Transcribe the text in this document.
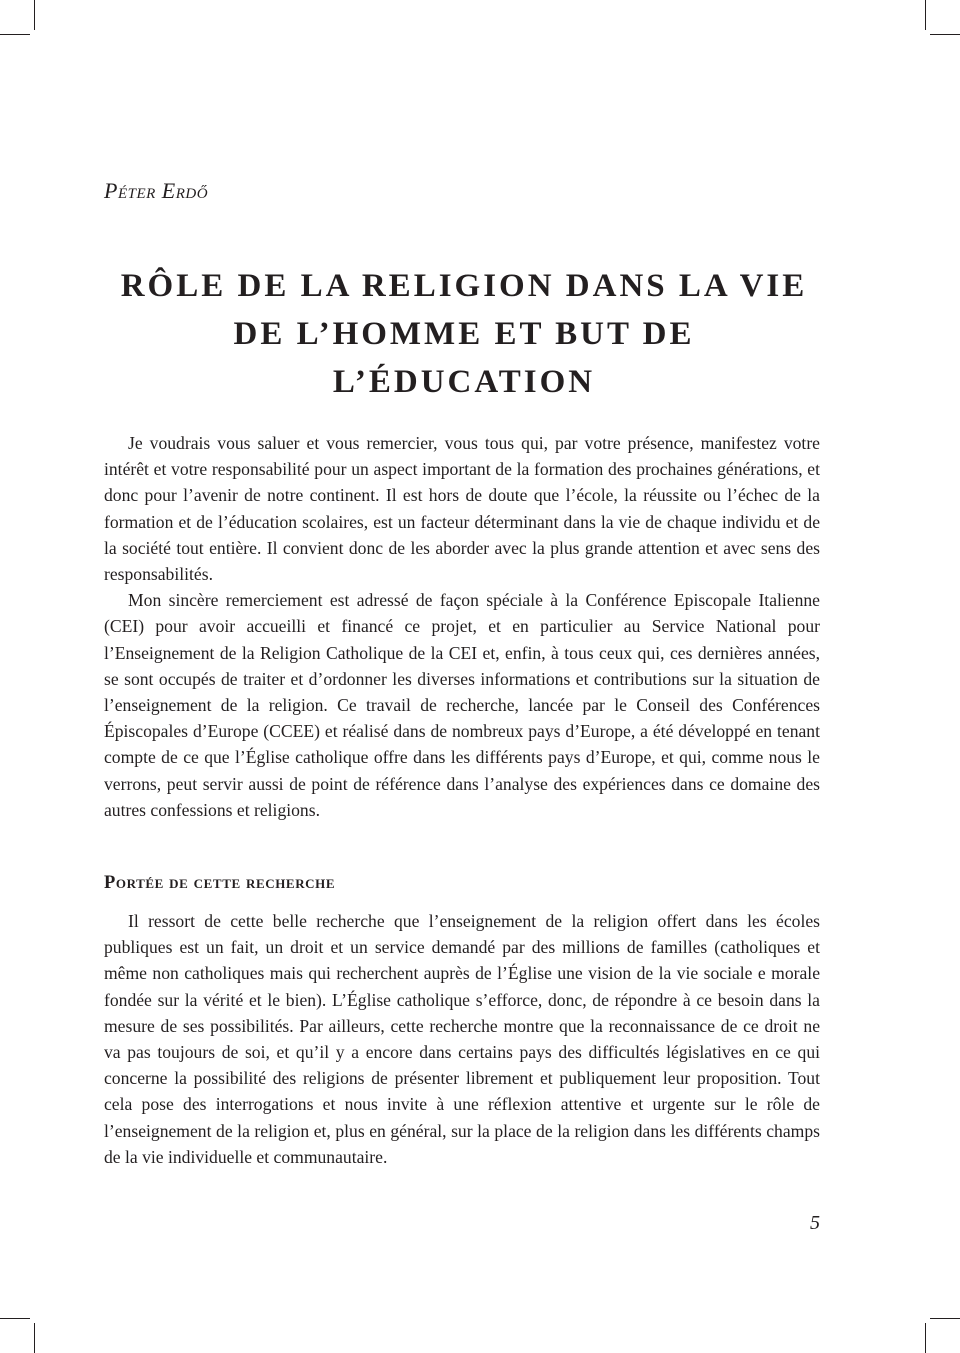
Péter Erdő
RÔLE DE LA RELIGION DANS LA VIE
DE L’HOMME ET BUT DE L’ÉDUCATION

Je voudrais vous saluer et vous remercier, vous tous qui, par votre présence, manifestez votre intérêt et votre responsabilité pour un aspect important de la formation des prochaines générations, et donc pour l’avenir de notre continent. Il est hors de doute que l’école, la réussite ou l’échec de la formation et de l’éducation scolaires, est un facteur déterminant dans la vie de chaque individu et de la société tout entière. Il convient donc de les aborder avec la plus grande attention et avec sens des responsabilités.

Mon sincère remerciement est adressé de façon spéciale à la Conférence Episcopale Italienne (CEI) pour avoir accueilli et financé ce projet, et en particulier au Service National pour l’Enseignement de la Religion Catholique de la CEI et, enfin, à tous ceux qui, ces dernières années, se sont occupés de traiter et d’ordonner les diverses informations et contributions sur la situation de l’enseignement de la religion. Ce travail de recherche, lancée par le Conseil des Conférences Épiscopales d’Europe (CCEE) et réalisé dans de nombreux pays d’Europe, a été développé en tenant compte de ce que l’Église catholique offre dans les différents pays d’Europe, et qui, comme nous le verrons, peut servir aussi de point de référence dans l’analyse des expériences dans ce domaine des autres confessions et religions.

Portée de cette recherche

Il ressort de cette belle recherche que l’enseignement de la religion offert dans les écoles publiques est un fait, un droit et un service demandé par des millions de familles (catholiques et même non catholiques mais qui recherchent auprès de l’Église une vision de la vie sociale e morale fondée sur la vérité et le bien). L’Église catholique s’efforce, donc, de répondre à ce besoin dans la mesure de ses possibilités. Par ailleurs, cette recherche montre que la reconnaissance de ce droit ne va pas toujours de soi, et qu’il y a encore dans certains pays des difficultés législatives en ce qui concerne la possibilité des religions de présenter librement et publiquement leur proposition. Tout cela pose des interrogations et nous invite à une réflexion attentive et urgente sur le rôle de l’enseignement de la religion et, plus en général, sur la place de la religion dans les différents champs de la vie individuelle et communautaire.

5
